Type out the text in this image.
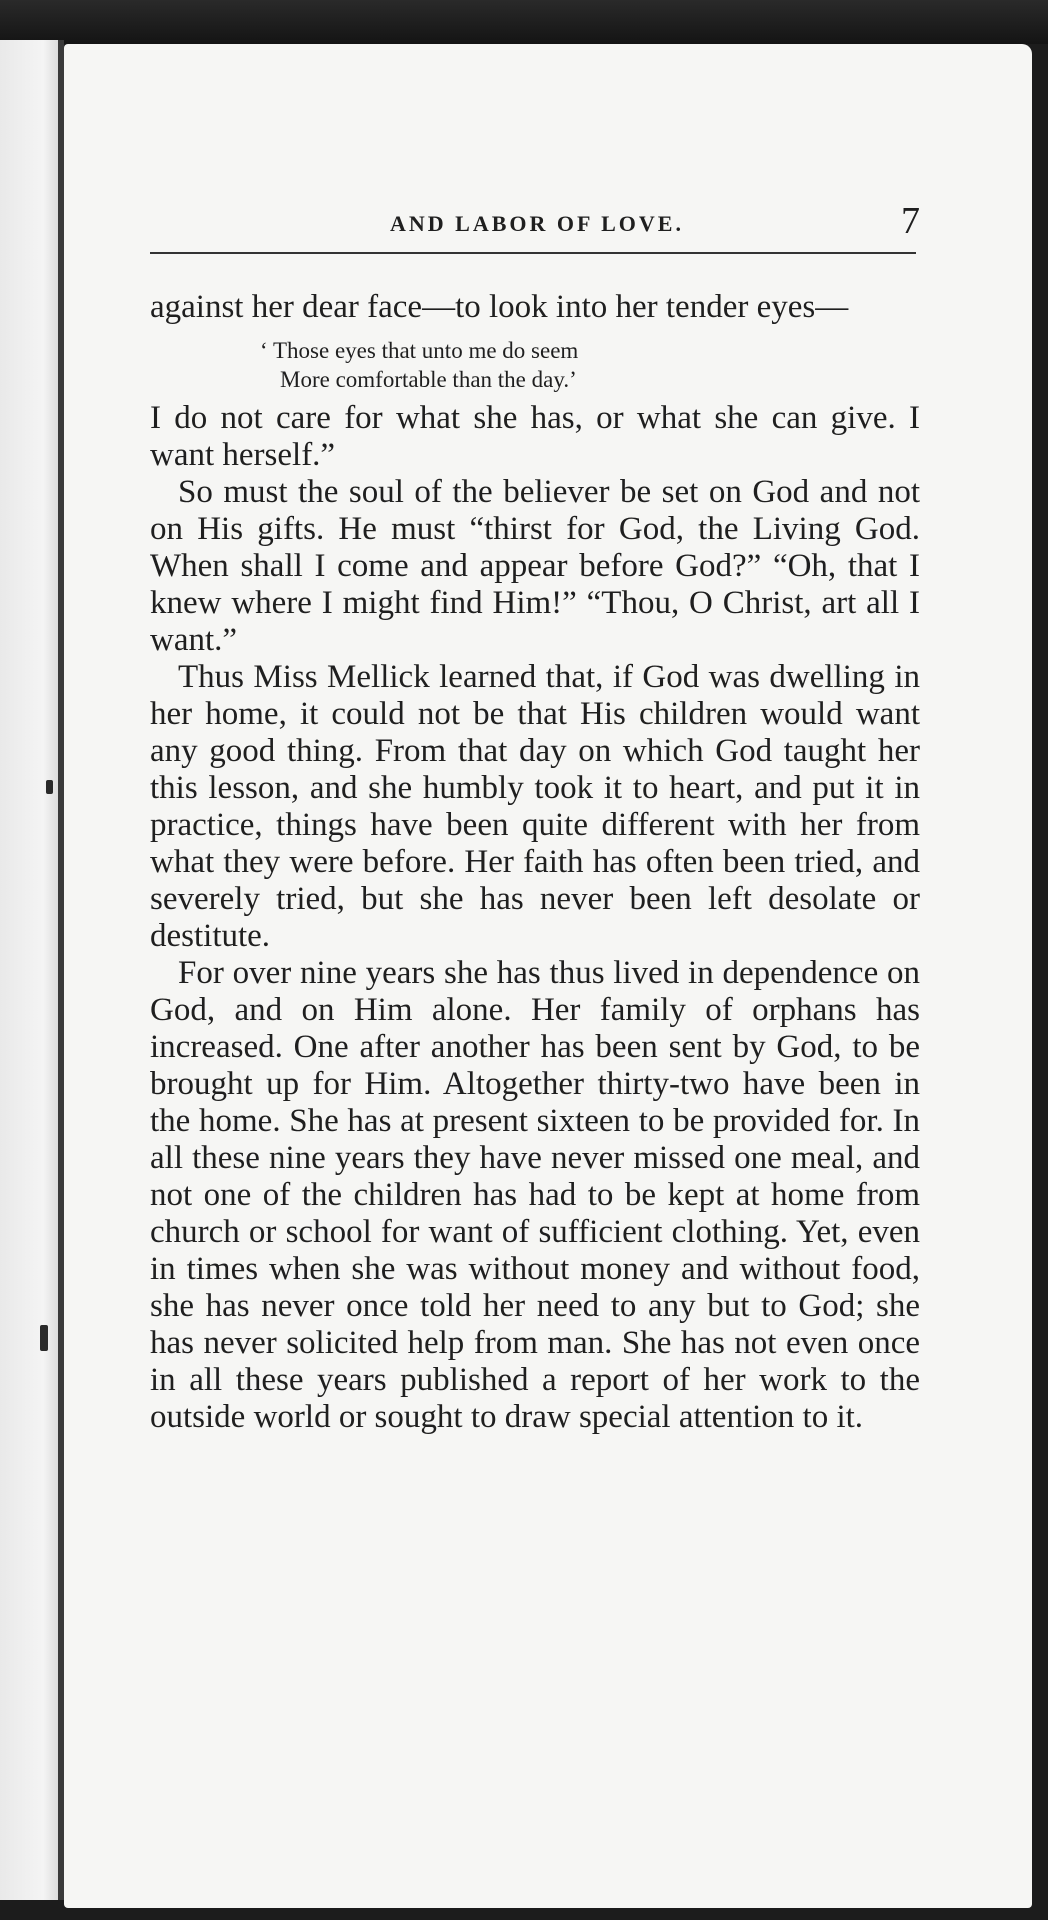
AND LABOR OF LOVE.	7

against her dear face—to look into her tender eyes—

‘ Those eyes that unto me do seem
More comfortable than the day.’

I do not care for what she has, or what she can give. I want herself.”

So must the soul of the believer be set on God and not on His gifts. He must “thirst for God, the Living God. When shall I come and appear before God?” “Oh, that I knew where I might find Him!” “Thou, O Christ, art all I want.”

Thus Miss Mellick learned that, if God was dwelling in her home, it could not be that His children would want any good thing. From that day on which God taught her this lesson, and she humbly took it to heart, and put it in practice, things have been quite different with her from what they were before. Her faith has often been tried, and severely tried, but she has never been left desolate or destitute.

For over nine years she has thus lived in dependence on God, and on Him alone. Her family of orphans has increased. One after another has been sent by God, to be brought up for Him. Altogether thirty-two have been in the home. She has at present sixteen to be provided for. In all these nine years they have never missed one meal, and not one of the children has had to be kept at home from church or school for want of sufficient clothing. Yet, even in times when she was without money and without food, she has never once told her need to any but to God; she has never solicited help from man. She has not even once in all these years published a report of her work to the outside world or sought to draw special attention to it.
